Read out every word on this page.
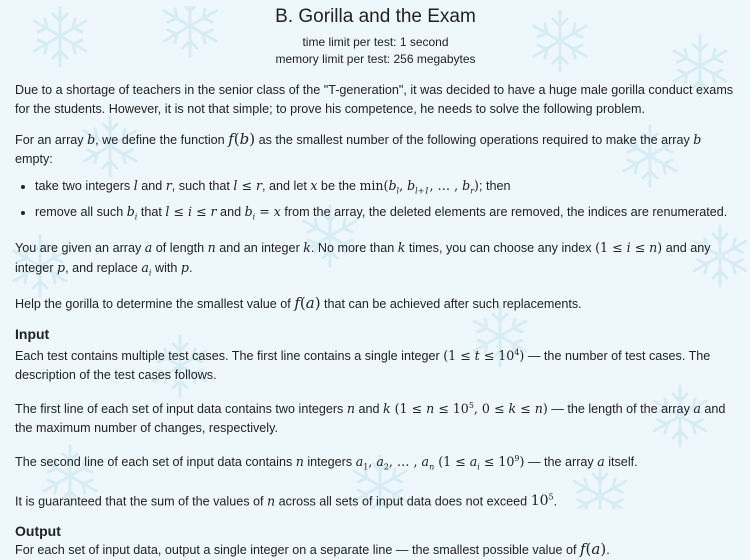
B. Gorilla and the Exam
time limit per test: 1 second
memory limit per test: 256 megabytes

Due to a shortage of teachers in the senior class of the "T-generation", it was decided to have a huge male gorilla conduct exams for the students. However, it is not that simple; to prove his competence, he needs to solve the following problem.

For an array b, we define the function f(b) as the smallest number of the following operations required to make the array b empty:

• take two integers l and r, such that l ≤ r, and let x be the $\min(b_l$, $b_{l+1}$, … , $b_r$); then
• remove all such $b_i$ that l ≤ i ≤ r and $b_i = x$ from the array, the deleted elements are removed, the indices are renumerated.

You are given an array a of length n and an integer k. No more than k times, you can choose any index (1 ≤ i ≤ n) and any integer p, and replace $a_i$ with p.

Help the gorilla to determine the smallest value of f(a) that can be achieved after such replacements.

Input

Each test contains multiple test cases. The first line contains a single integer $(1 \le t \le 10^4)$ — the number of test cases. The description of the test cases follows.

The first line of each set of input data contains two integers n and k ($1 \le n \le 10^5$, 0 ≤ k ≤ n) — the length of the array a and the maximum number of changes, respectively.

The second line of each set of input data contains n integers $a_1$, $a_2$, … , $a_n$ $(1 \le a_i \le 10^9)$ — the array a itself.

It is guaranteed that the sum of the values of n across all sets of input data does not exceed $10^5$.

Output

For each set of input data, output a single integer on a separate line — the smallest possible value of f(a).
